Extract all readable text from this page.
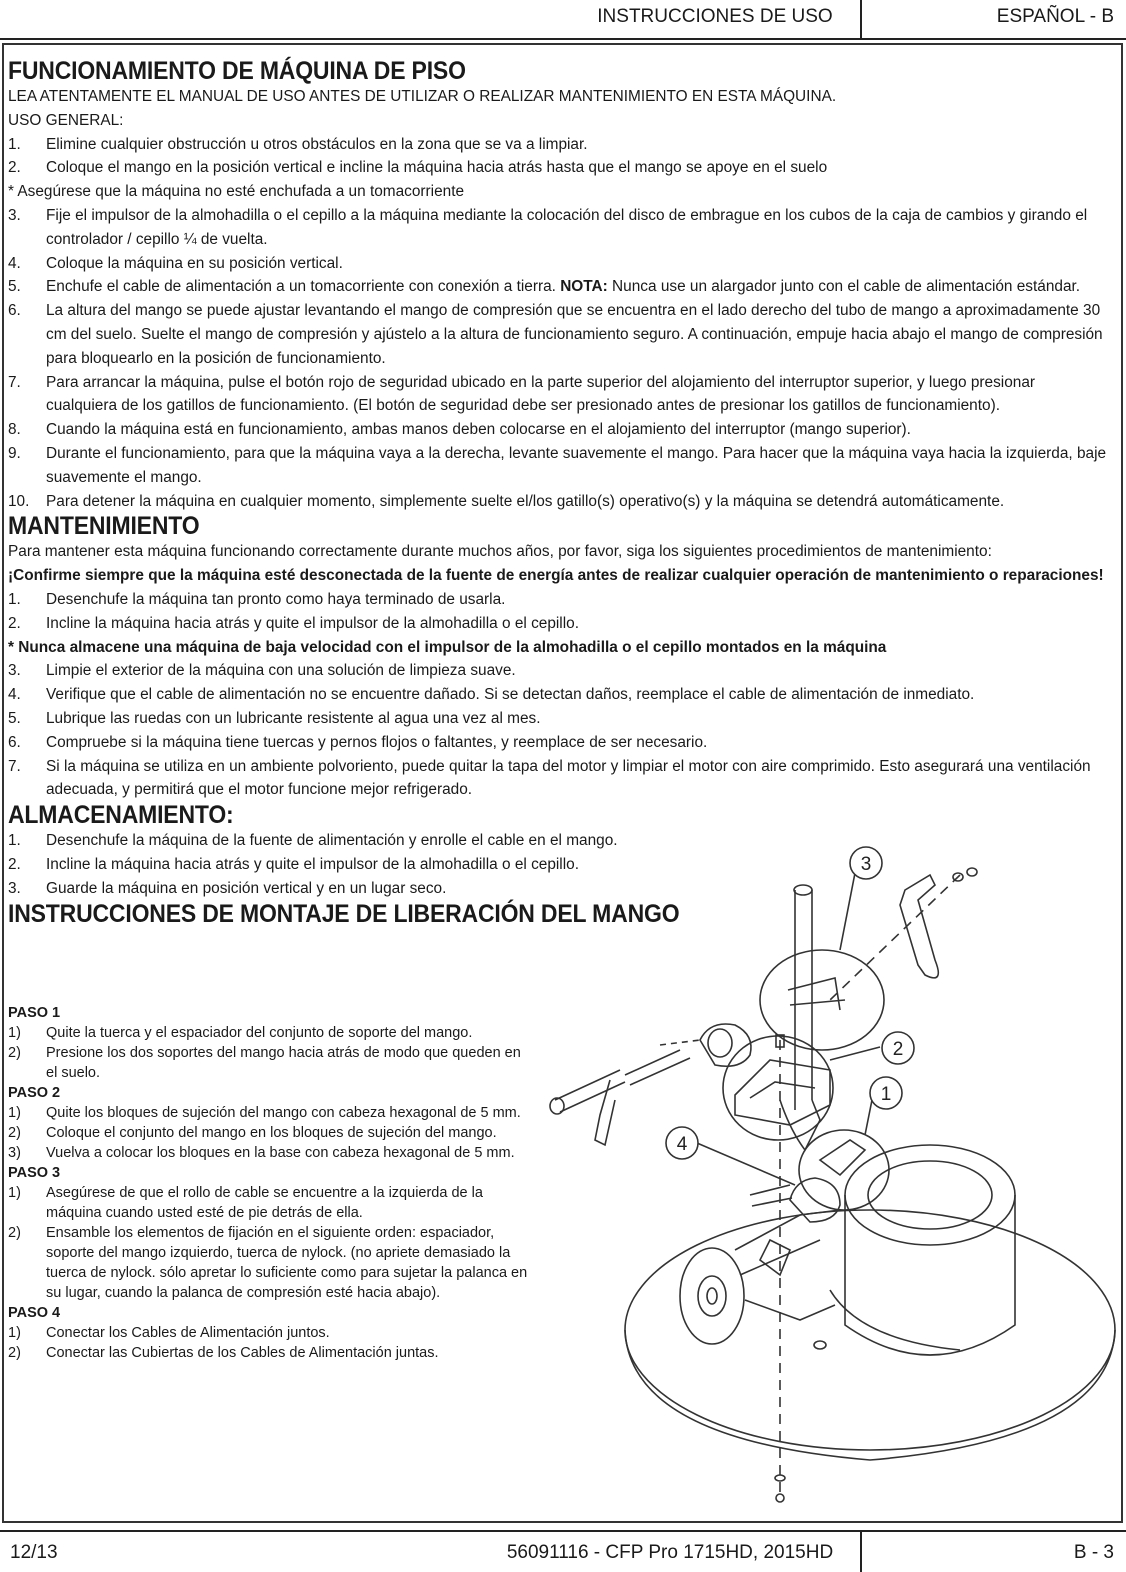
INSTRUCCIONES DE USO	ESPAÑOL - B
FUNCIONAMIENTO DE MÁQUINA DE PISO
LEA ATENTAMENTE EL MANUAL DE USO ANTES DE UTILIZAR O REALIZAR MANTENIMIENTO EN ESTA MÁQUINA.
USO GENERAL:
1.	Elimine cualquier obstrucción u otros obstáculos en la zona que se va a limpiar.
2.	Coloque el mango en la posición vertical e incline la máquina hacia atrás hasta que el mango se apoye en el suelo
* Asegúrese que la máquina no esté enchufada a un tomacorriente
3.	Fije el impulsor de la almohadilla o el cepillo a la máquina mediante la colocación del disco de embrague en los cubos de la caja de cambios y girando el controlador / cepillo ¼ de vuelta.
4.	Coloque la máquina en su posición vertical.
5.	Enchufe el cable de alimentación a un tomacorriente con conexión a tierra. NOTA: Nunca use un alargador junto con el cable de alimentación estándar.
6.	La altura del mango se puede ajustar levantando el mango de compresión que se encuentra en el lado derecho del tubo de mango a aproximadamente 30 cm del suelo. Suelte el mango de compresión y ajústelo a la altura de funcionamiento seguro. A continuación, empuje hacia abajo el mango de compresión para bloquearlo en la posición de funcionamiento.
7.	Para arrancar la máquina, pulse el botón rojo de seguridad ubicado en la parte superior del alojamiento del interruptor superior, y luego presionar cualquiera de los gatillos de funcionamiento. (El botón de seguridad debe ser presionado antes de presionar los gatillos de funcionamiento).
8.	Cuando la máquina está en funcionamiento, ambas manos deben colocarse en el alojamiento del interruptor (mango superior).
9.	Durante el funcionamiento, para que la máquina vaya a la derecha, levante suavemente el mango. Para hacer que la máquina vaya hacia la izquierda, baje suavemente el mango.
10.	Para detener la máquina en cualquier momento, simplemente suelte el/los gatillo(s) operativo(s) y la máquina se detendrá automáticamente.
MANTENIMIENTO
Para mantener esta máquina funcionando correctamente durante muchos años, por favor, siga los siguientes procedimientos de mantenimiento:
¡Confirme siempre que la máquina esté desconectada de la fuente de energía antes de realizar cualquier operación de mantenimiento o reparaciones!
1.	Desenchufe la máquina tan pronto como haya terminado de usarla.
2.	Incline la máquina hacia atrás y quite el impulsor de la almohadilla o el cepillo.
* Nunca almacene una máquina de baja velocidad con el impulsor de la almohadilla o el cepillo montados en la máquina
3.	Limpie el exterior de la máquina con una solución de limpieza suave.
4.	Verifique que el cable de alimentación no se encuentre dañado. Si se detectan daños, reemplace el cable de alimentación de inmediato.
5.	Lubrique las ruedas con un lubricante resistente al agua una vez al mes.
6.	Compruebe si la máquina tiene tuercas y pernos flojos o faltantes, y reemplace de ser necesario.
7.	Si la máquina se utiliza en un ambiente polvoriento, puede quitar la tapa del motor y limpiar el motor con aire comprimido. Esto asegurará una ventilación adecuada, y permitirá que el motor funcione mejor refrigerado.
ALMACENAMIENTO:
1.	Desenchufe la máquina de la fuente de alimentación y enrolle el cable en el mango.
2.	Incline la máquina hacia atrás y quite el impulsor de la almohadilla o el cepillo.
3.	Guarde la máquina en posición vertical y en un lugar seco.
INSTRUCCIONES DE MONTAJE DE LIBERACIÓN DEL MANGO
PASO 1
1)	Quite la tuerca y el espaciador del conjunto de soporte del mango.
2)	Presione los dos soportes del mango hacia atrás de modo que queden en el suelo.
PASO 2
1)	Quite los bloques de sujeción del mango con cabeza hexagonal de 5 mm.
2)	Coloque el conjunto del mango en los bloques de sujeción del mango.
3)	Vuelva a colocar los bloques en la base con cabeza hexagonal de 5 mm.
PASO 3
1)	Asegúrese de que el rollo de cable se encuentre a la izquierda de la máquina cuando usted esté de pie detrás de ella.
2)	Ensamble los elementos de fijación en el siguiente orden: espaciador, soporte del mango izquierdo, tuerca de nylock. (no apriete demasiado la tuerca de nylock. sólo apretar lo suficiente como para sujetar la palanca en su lugar, cuando la palanca de compresión esté hacia abajo).
PASO 4
1)	Conectar los Cables de Alimentación juntos.
2)	Conectar las Cubiertas de los Cables de Alimentación juntas.
3
2
1
4
12/13	56091116 - CFP Pro 1715HD, 2015HD	B - 3
